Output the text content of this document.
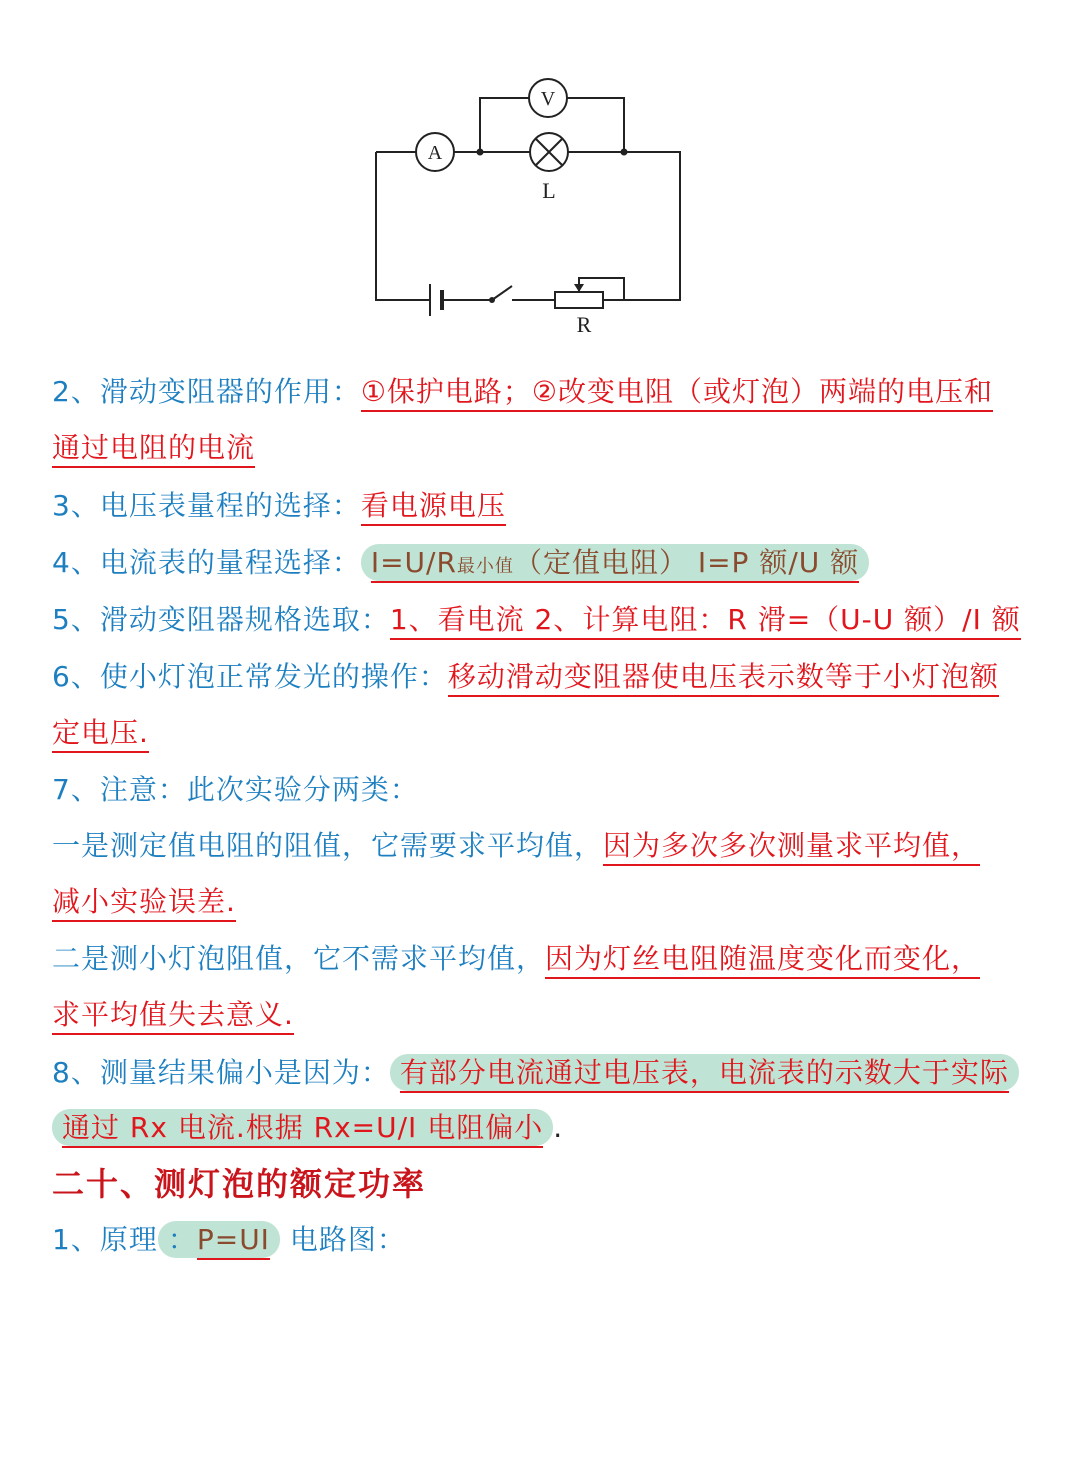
A
V
L
R
2、滑动变阻器的作用：①保护电路；②改变电阻（或灯泡）两端的电压和
通过电阻的电流
3、电压表量程的选择：看电源电压
4、电流表的量程选择： I=U/R最小值（定值电阻） I=P 额/U 额
5、滑动变阻器规格选取：1、看电流 2、计算电阻：R 滑=（U-U 额）/I 额
6、使小灯泡正常发光的操作：移动滑动变阻器使电压表示数等于小灯泡额
定电压.
7、注意：此次实验分两类：
一是测定值电阻的阻值，它需要求平均值，因为多次多次测量求平均值，
减小实验误差.
二是测小灯泡阻值，它不需求平均值，因为灯丝电阻随温度变化而变化，
求平均值失去意义.
8、测量结果偏小是因为： 有部分电流通过电压表，电流表的示数大于实际
通过 Rx 电流.根据 Rx=U/I 电阻偏小 .
二十、测灯泡的额定功率
1、原理 ：P=UI 电路图：
